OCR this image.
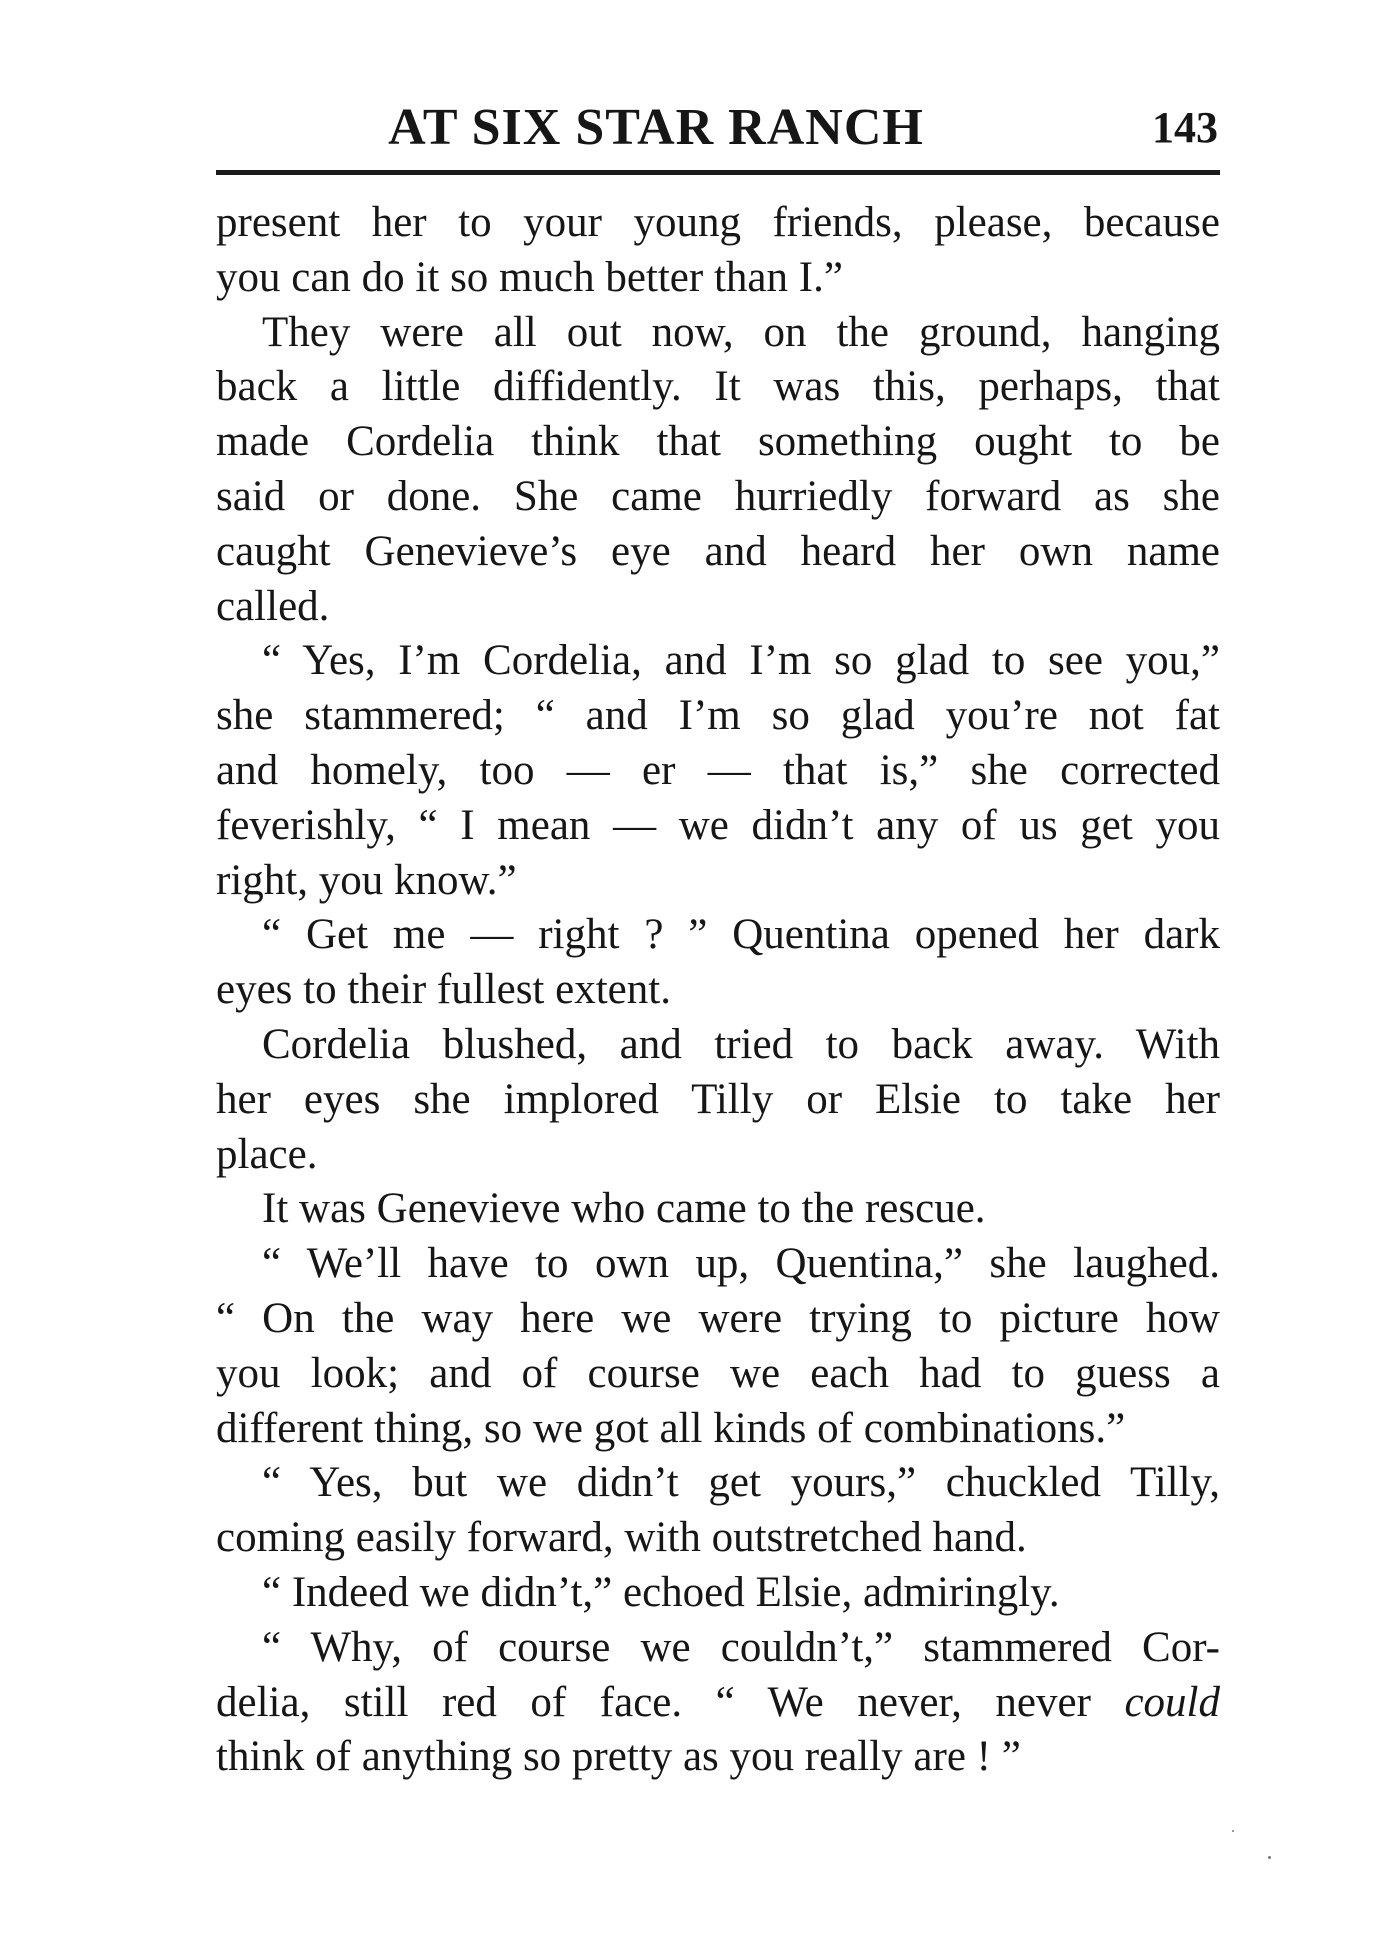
AT SIX STAR RANCH	143

present her to your young friends, please, because
you can do it so much better than I.”

They were all out now, on the ground, hanging
back a little diffidently. It was this, perhaps, that
made Cordelia think that something ought to be
said or done. She came hurriedly forward as she
caught Genevieve’s eye and heard her own name
called.

“ Yes, I’m Cordelia, and I’m so glad to see you,”
she stammered; “ and I’m so glad you’re not fat
and homely, too — er — that is,” she corrected
feverishly, “ I mean — we didn’t any of us get you
right, you know.”

“ Get me — right ? ” Quentina opened her dark
eyes to their fullest extent.

Cordelia blushed, and tried to back away. With
her eyes she implored Tilly or Elsie to take her
place.

It was Genevieve who came to the rescue.

“ We’ll have to own up, Quentina,” she laughed.
“ On the way here we were trying to picture how
you look; and of course we each had to guess a
different thing, so we got all kinds of combinations.”

“ Yes, but we didn’t get yours,” chuckled Tilly,
coming easily forward, with outstretched hand.

“ Indeed we didn’t,” echoed Elsie, admiringly.

“ Why, of course we couldn’t,” stammered Cor-
delia, still red of face. “ We never, never could
think of anything so pretty as you really are ! ”
